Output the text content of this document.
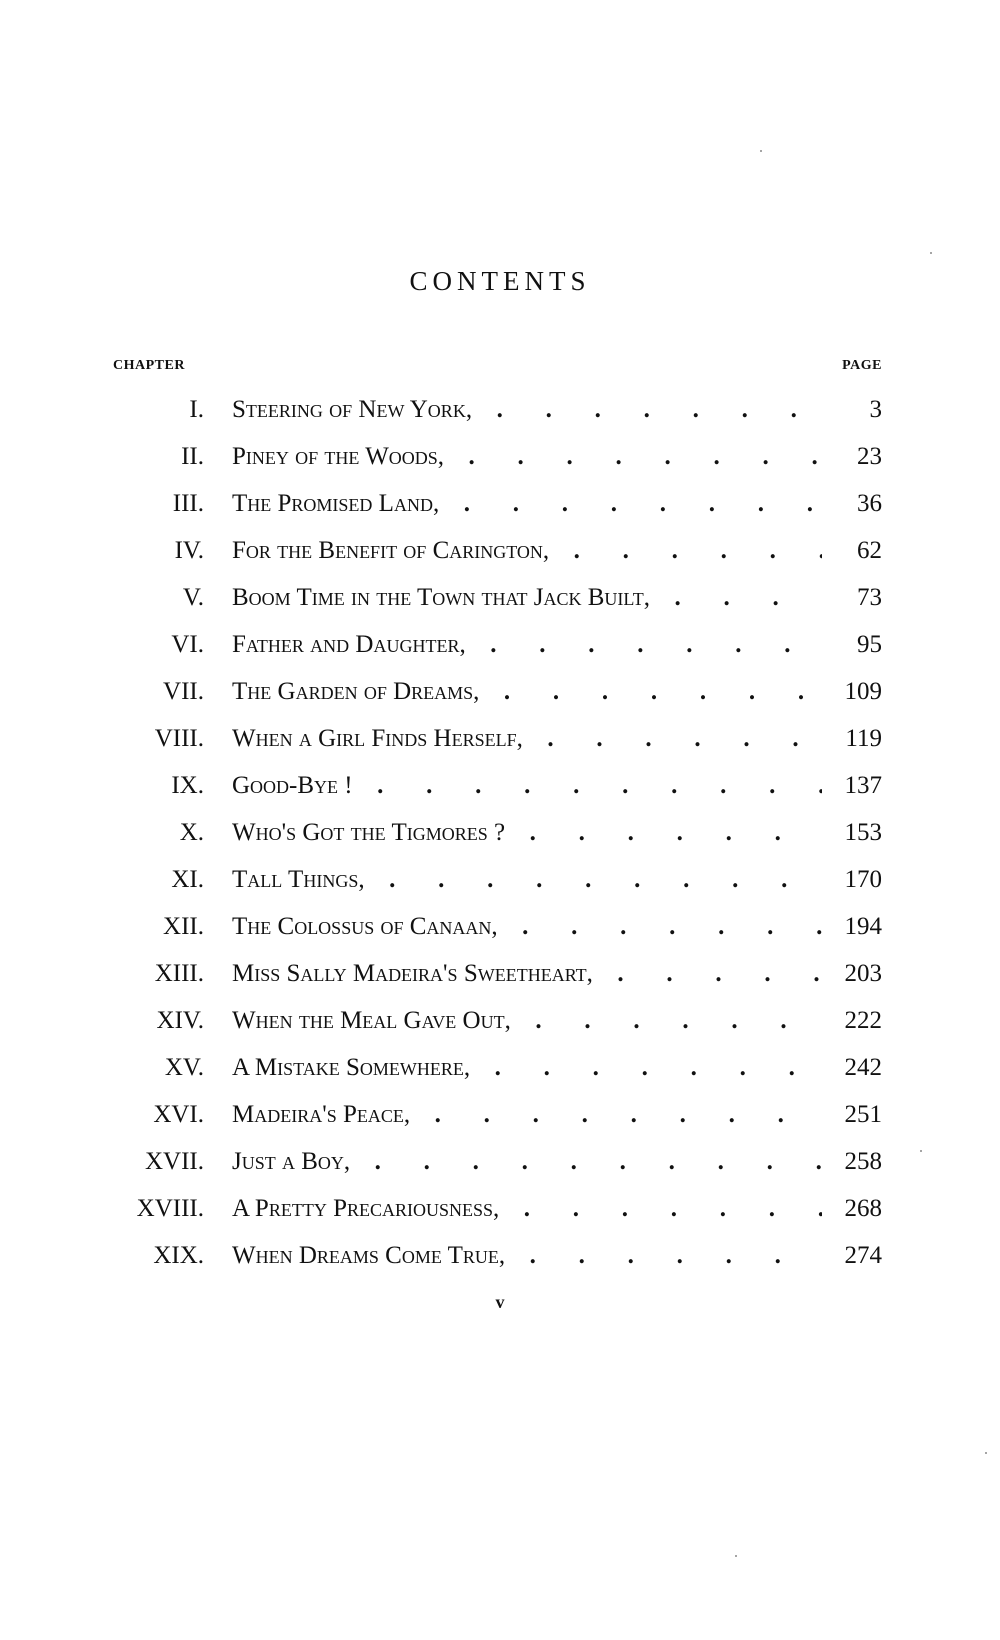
CONTENTS
CHAPTER	PAGE
I. Steering of New York, . .	3
II. Piney of the Woods, . .	23
III. The Promised Land, . .	36
IV. For the Benefit of Carington, . .	62
V. Boom Time in the Town that Jack Built, . .	73
VI. Father and Daughter, . .	95
VII. The Garden of Dreams, . .	109
VIII. When a Girl Finds Herself, . .	119
IX. Good-Bye ! . .	137
X. Who's Got the Tigmores ? . .	153
XI. Tall Things, . .	170
XII. The Colossus of Canaan, . .	194
XIII. Miss Sally Madeira's Sweetheart, . .	203
XIV. When the Meal Gave Out, . .	222
XV. A Mistake Somewhere, . .	242
XVI. Madeira's Peace, . .	251
XVII. Just a Boy, . .	258
XVIII. A Pretty Precariousness, . .	268
XIX. When Dreams Come True, . .	274
v
